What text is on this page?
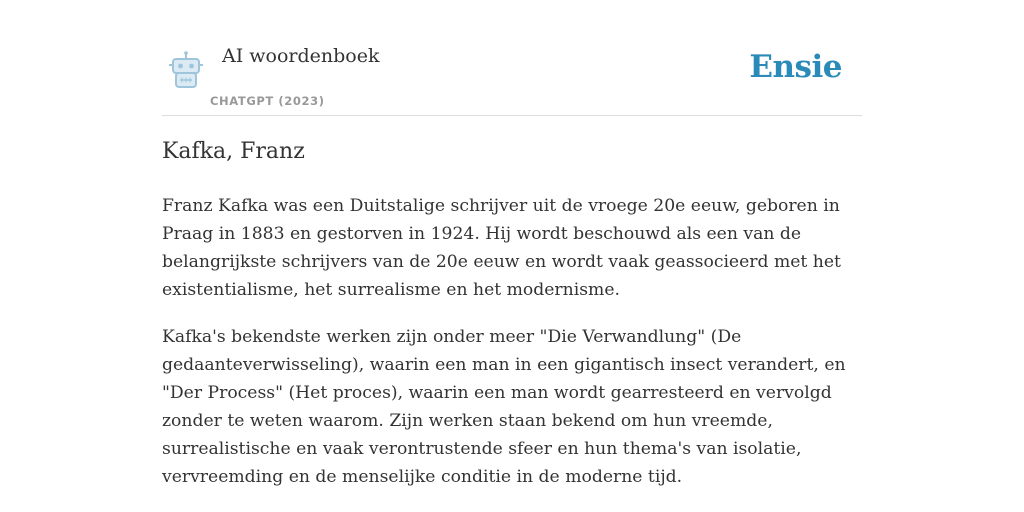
AI woordenboek
CHATGPT (2023)
Ensie
Kafka, Franz

Franz Kafka was een Duitstalige schrijver uit de vroege 20e eeuw, geboren in Praag in 1883 en gestorven in 1924. Hij wordt beschouwd als een van de belangrijkste schrijvers van de 20e eeuw en wordt vaak geassocieerd met het existentialisme, het surrealisme en het modernisme.

Kafka's bekendste werken zijn onder meer "Die Verwandlung" (De gedaanteverwisseling), waarin een man in een gigantisch insect verandert, en "Der Process" (Het proces), waarin een man wordt gearresteerd en vervolgd zonder te weten waarom. Zijn werken staan bekend om hun vreemde, surrealistische en vaak verontrustende sfeer en hun thema's van isolatie, vervreemding en de menselijke conditie in de moderne tijd.
